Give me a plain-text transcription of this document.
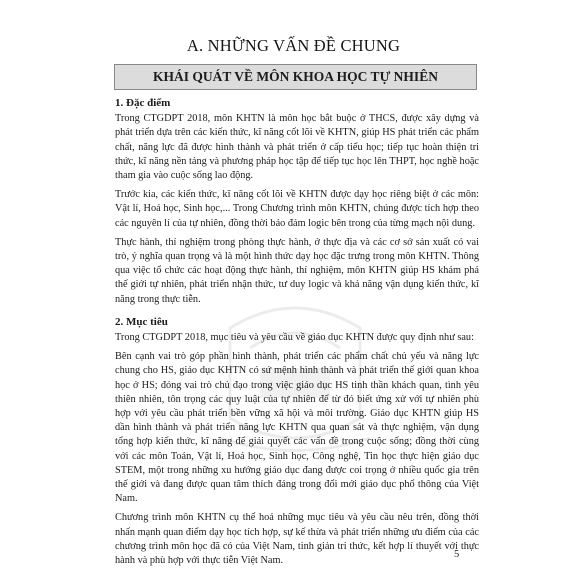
A. NHỮNG VẤN ĐỀ CHUNG
KHÁI QUÁT VỀ MÔN KHOA HỌC TỰ NHIÊN
1. Đặc điểm

Trong CTGDPT 2018, môn KHTN là môn học bắt buộc ở THCS, được xây dựng và phát triển dựa trên các kiến thức, kĩ năng cốt lõi về KHTN, giúp HS phát triển các phẩm chất, năng lực đã được hình thành và phát triển ở cấp tiểu học; tiếp tục hoàn thiện tri thức, kĩ năng nền tảng và phương pháp học tập để tiếp tục học lên THPT, học nghề hoặc tham gia vào cuộc sống lao động.

Trước kia, các kiến thức, kĩ năng cốt lõi về KHTN được dạy học riêng biệt ở các môn: Vật lí, Hoá học, Sinh học,... Trong Chương trình môn KHTN, chúng được tích hợp theo các nguyên lí của tự nhiên, đồng thời bảo đảm logic bên trong của từng mạch nội dung.

Thực hành, thí nghiệm trong phòng thực hành, ở thực địa và các cơ sở sản xuất có vai trò, ý nghĩa quan trọng và là một hình thức dạy học đặc trưng trong môn KHTN. Thông qua việc tổ chức các hoạt động thực hành, thí nghiệm, môn KHTN giúp HS khám phá thế giới tự nhiên, phát triển nhận thức, tư duy logic và khả năng vận dụng kiến thức, kĩ năng trong thực tiễn.

2. Mục tiêu

Trong CTGDPT 2018, mục tiêu và yêu cầu về giáo dục KHTN được quy định như sau:

Bên cạnh vai trò góp phần hình thành, phát triển các phẩm chất chủ yếu và năng lực chung cho HS, giáo dục KHTN có sứ mệnh hình thành và phát triển thế giới quan khoa học ở HS; đóng vai trò chủ đạo trong việc giáo dục HS tinh thần khách quan, tình yêu thiên nhiên, tôn trọng các quy luật của tự nhiên để từ đó biết ứng xử với tự nhiên phù hợp với yêu cầu phát triển bền vững xã hội và môi trường. Giáo dục KHTN giúp HS dần hình thành và phát triển năng lực KHTN qua quan sát và thực nghiệm, vận dụng tổng hợp kiến thức, kĩ năng để giải quyết các vấn đề trong cuộc sống; đồng thời cùng với các môn Toán, Vật lí, Hoá học, Sinh học, Công nghệ, Tin học thực hiện giáo dục STEM, một trong những xu hướng giáo dục đang được coi trọng ở nhiều quốc gia trên thế giới và đang được quan tâm thích đáng trong đổi mới giáo dục phổ thông của Việt Nam.

Chương trình môn KHTN cụ thể hoá những mục tiêu và yêu cầu nêu trên, đồng thời nhấn mạnh quan điểm dạy học tích hợp, sự kế thừa và phát triển những ưu điểm của các chương trình môn học đã có của Việt Nam, tinh giản tri thức, kết hợp lí thuyết với thực hành và phù hợp với thực tiễn Việt Nam.

5
